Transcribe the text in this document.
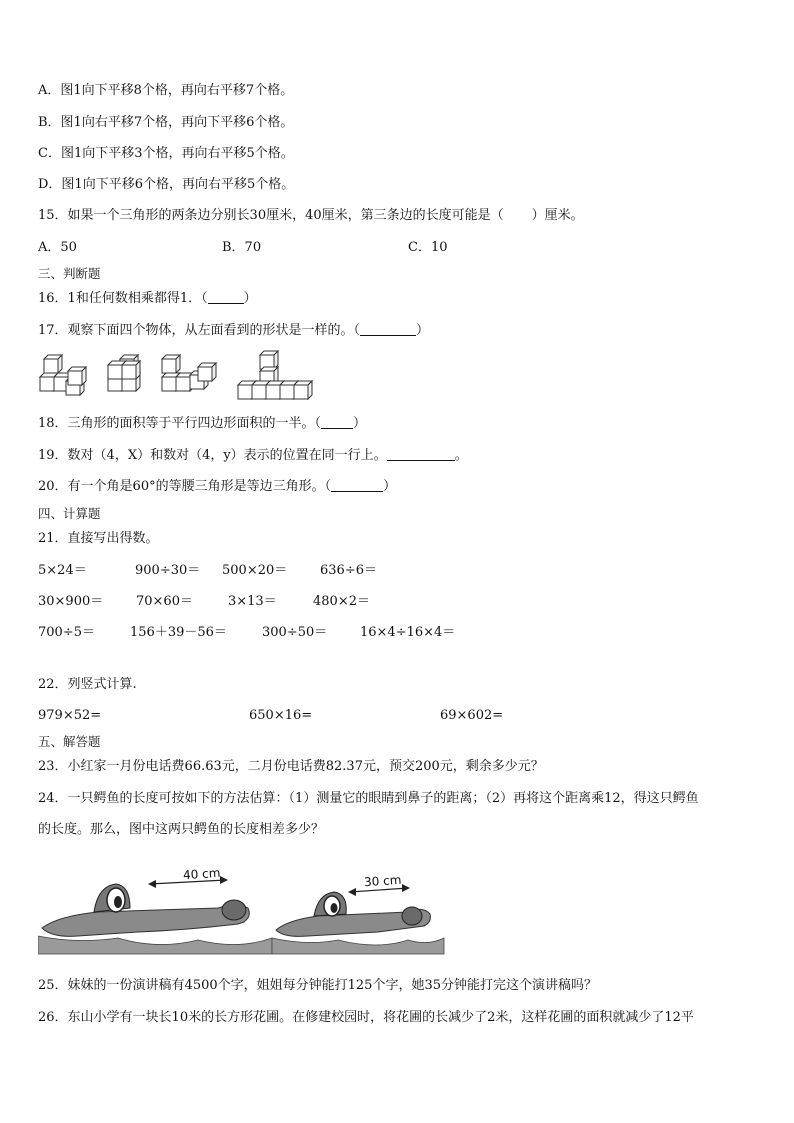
A．图1向下平移8个格，再向右平移7个格。
B．图1向右平移7个格，再向下平移6个格。
C．图1向下平移3个格，再向右平移5个格。
D．图1向下平移6个格，再向右平移5个格。
15．如果一个三角形的两条边分别长30厘米，40厘米，第三条边的长度可能是（ ）厘米。
A．50	B．70	C．10
三、判断题
16．1和任何数相乘都得1．（	）
17．观察下面四个物体，从左面看到的形状是一样的。（	）
18．三角形的面积等于平行四边形面积的一半。（ ）
19．数对（4，X）和数对（4，y）表示的位置在同一行上。	。
20．有一个角是60°的等腰三角形是等边三角形。（	）
四、计算题
21．直接写出得数。
5×24＝	900÷30＝ 500×20＝	636÷6＝
30×900＝	70×60＝	3×13＝	480×2＝
700÷5＝	156＋39－56＝	300÷50＝	16×4÷16×4＝
22．列竖式计算.
979×52=	650×16=	69×602=
五、解答题
23．小红家一月份电话费66.63元，二月份电话费82.37元，预交200元，剩余多少元？
24．一只鳄鱼的长度可按如下的方法估算：（1）测量它的眼睛到鼻子的距离；（2）再将这个距离乘12，得这只鳄鱼
的长度。那么，图中这两只鳄鱼的长度相差多少？
40 cm	30 cm
25．妹妹的一份演讲稿有4500个字，姐姐每分钟能打125个字，她35分钟能打完这个演讲稿吗？
26．东山小学有一块长10米的长方形花圃。在修建校园时，将花圃的长减少了2米，这样花圃的面积就减少了12平
